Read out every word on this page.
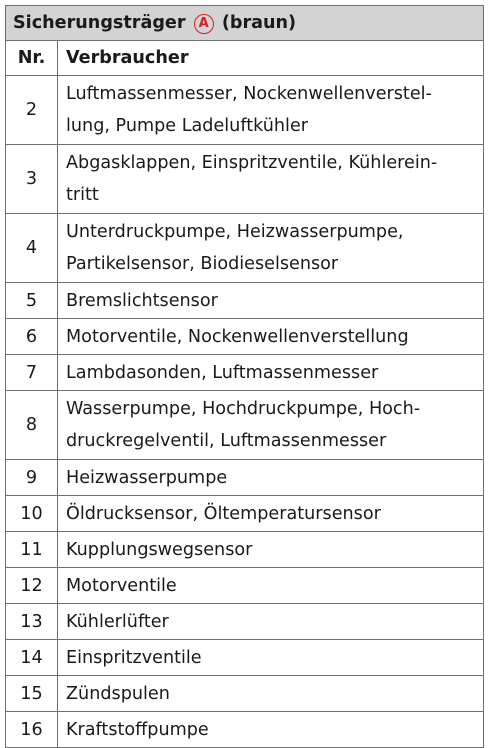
Sicherungsträger A (braun)	
Nr.	Verbraucher
2	Luftmassenmesser, Nockenwellenverstel-
lung, Pumpe Ladeluftkühler

3	Abgasklappen, Einspritzventile, Kühlerein-
tritt

4	Unterdruckpumpe, Heizwasserpumpe,
Partikelsensor, Biodieselsensor

5	Bremslichtsensor

6	Motorventile, Nockenwellenverstellung

7	Lambdasonden, Luftmassenmesser

8	Wasserpumpe, Hochdruckpumpe, Hoch-
druckregelventil, Luftmassenmesser

9	Heizwasserpumpe

10	Öldrucksensor, Öltemperatursensor

11	Kupplungswegsensor

12	Motorventile

13	Kühlerlüfter

14	Einspritzventile

15	Zündspulen

16	Kraftstoffpumpe
